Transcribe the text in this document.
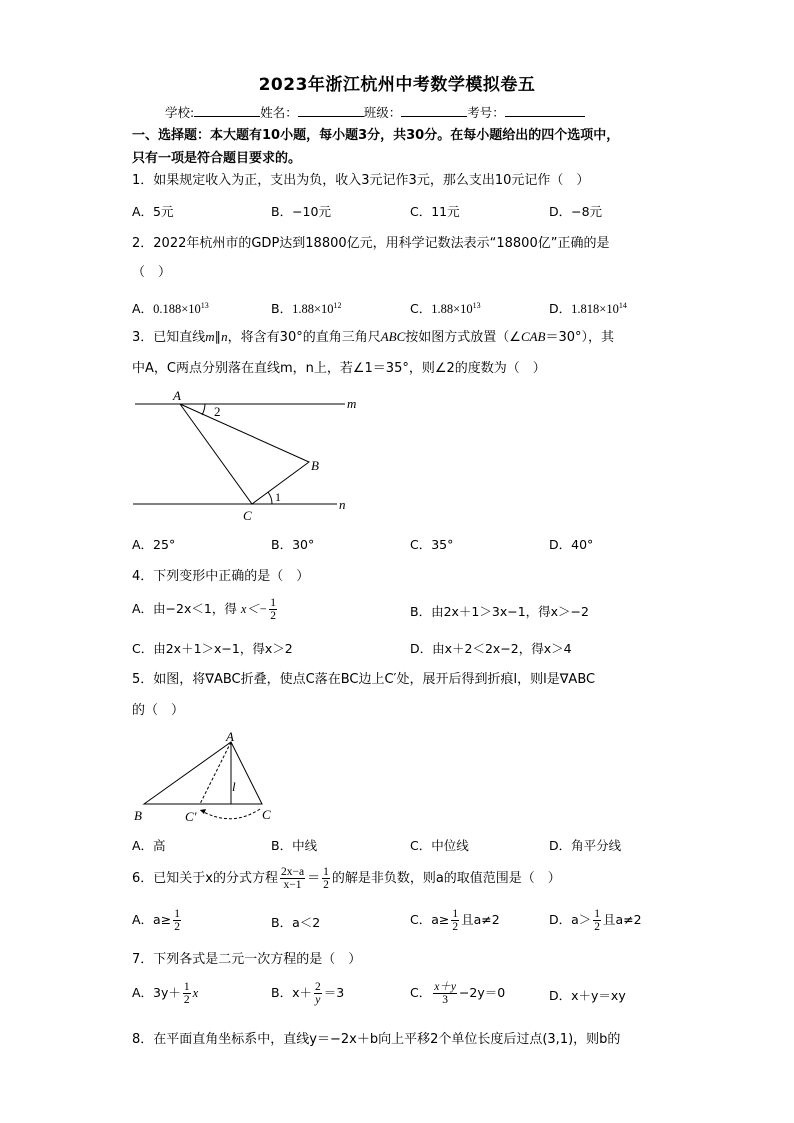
2023年浙江杭州中考数学模拟卷五
学校:	姓名：	班级：	考号：
一、选择题：本大题有10小题，每小题3分，共30分。在每小题给出的四个选项中，
只有一项是符合题目要求的。
1．如果规定收入为正，支出为负，收入3元记作3元，那么支出10元记作（　）
A．5元	B．−10元	C．11元	D．−8元
2．2022年杭州市的GDP达到18800亿元，用科学记数法表示“18800亿”正确的是
（　）
A．$0.188\times 10^{13}$	B．$1.88\times 10^{12}$	C．$1.88\times 10^{13}$	D．$1.818\times 10^{14}$
3．已知直线m∥n，将含有30°的直角三角尺ABC按如图方式放置（∠CAB＝30°），其
中A，C两点分别落在直线m，n上，若∠1＝35°，则∠2的度数为（　）
A
B
C
m
n
2
1
A．25°	B．30°	C．35°	D．40°
4．下列变形中正确的是（　）
A．由−2x＜1，得 $x<- \frac{1}{2}$	B．由2x＋1＞3x−1，得x＞−2
C．由2x＋1＞x−1，得x＞2	D．由x＋2＜2x−2，得x＞4
5．如图，将∇ABC折叠，使点C落在BC边上C′处，展开后得到折痕l，则l是∇ABC
的（　）
A
B	C′	C
l
A．高	B．中线	C．中位线	D．角平分线
6．已知关于x的分式方程 $\frac{2x-a}{x-1} = \frac{1}{2}$ 的解是非负数，则a的取值范围是（　）
A．$a\ge \frac{1}{2}$	B．a＜2	C．$a\ge \frac{1}{2}$ 且a≠2	D．$a> \frac{1}{2}$ 且a≠2
7．下列各式是二元一次方程的是（　）
A．$3y+ \frac{1}{2}$ x	B．$x+ \frac{2}{y} =3$	C． $\frac{x+y}{3} -2y=0$	D．x＋y＝xy
8．在平面直角坐标系中，直线y＝−2x＋b向上平移2个单位长度后过点(3,1)，则b的
